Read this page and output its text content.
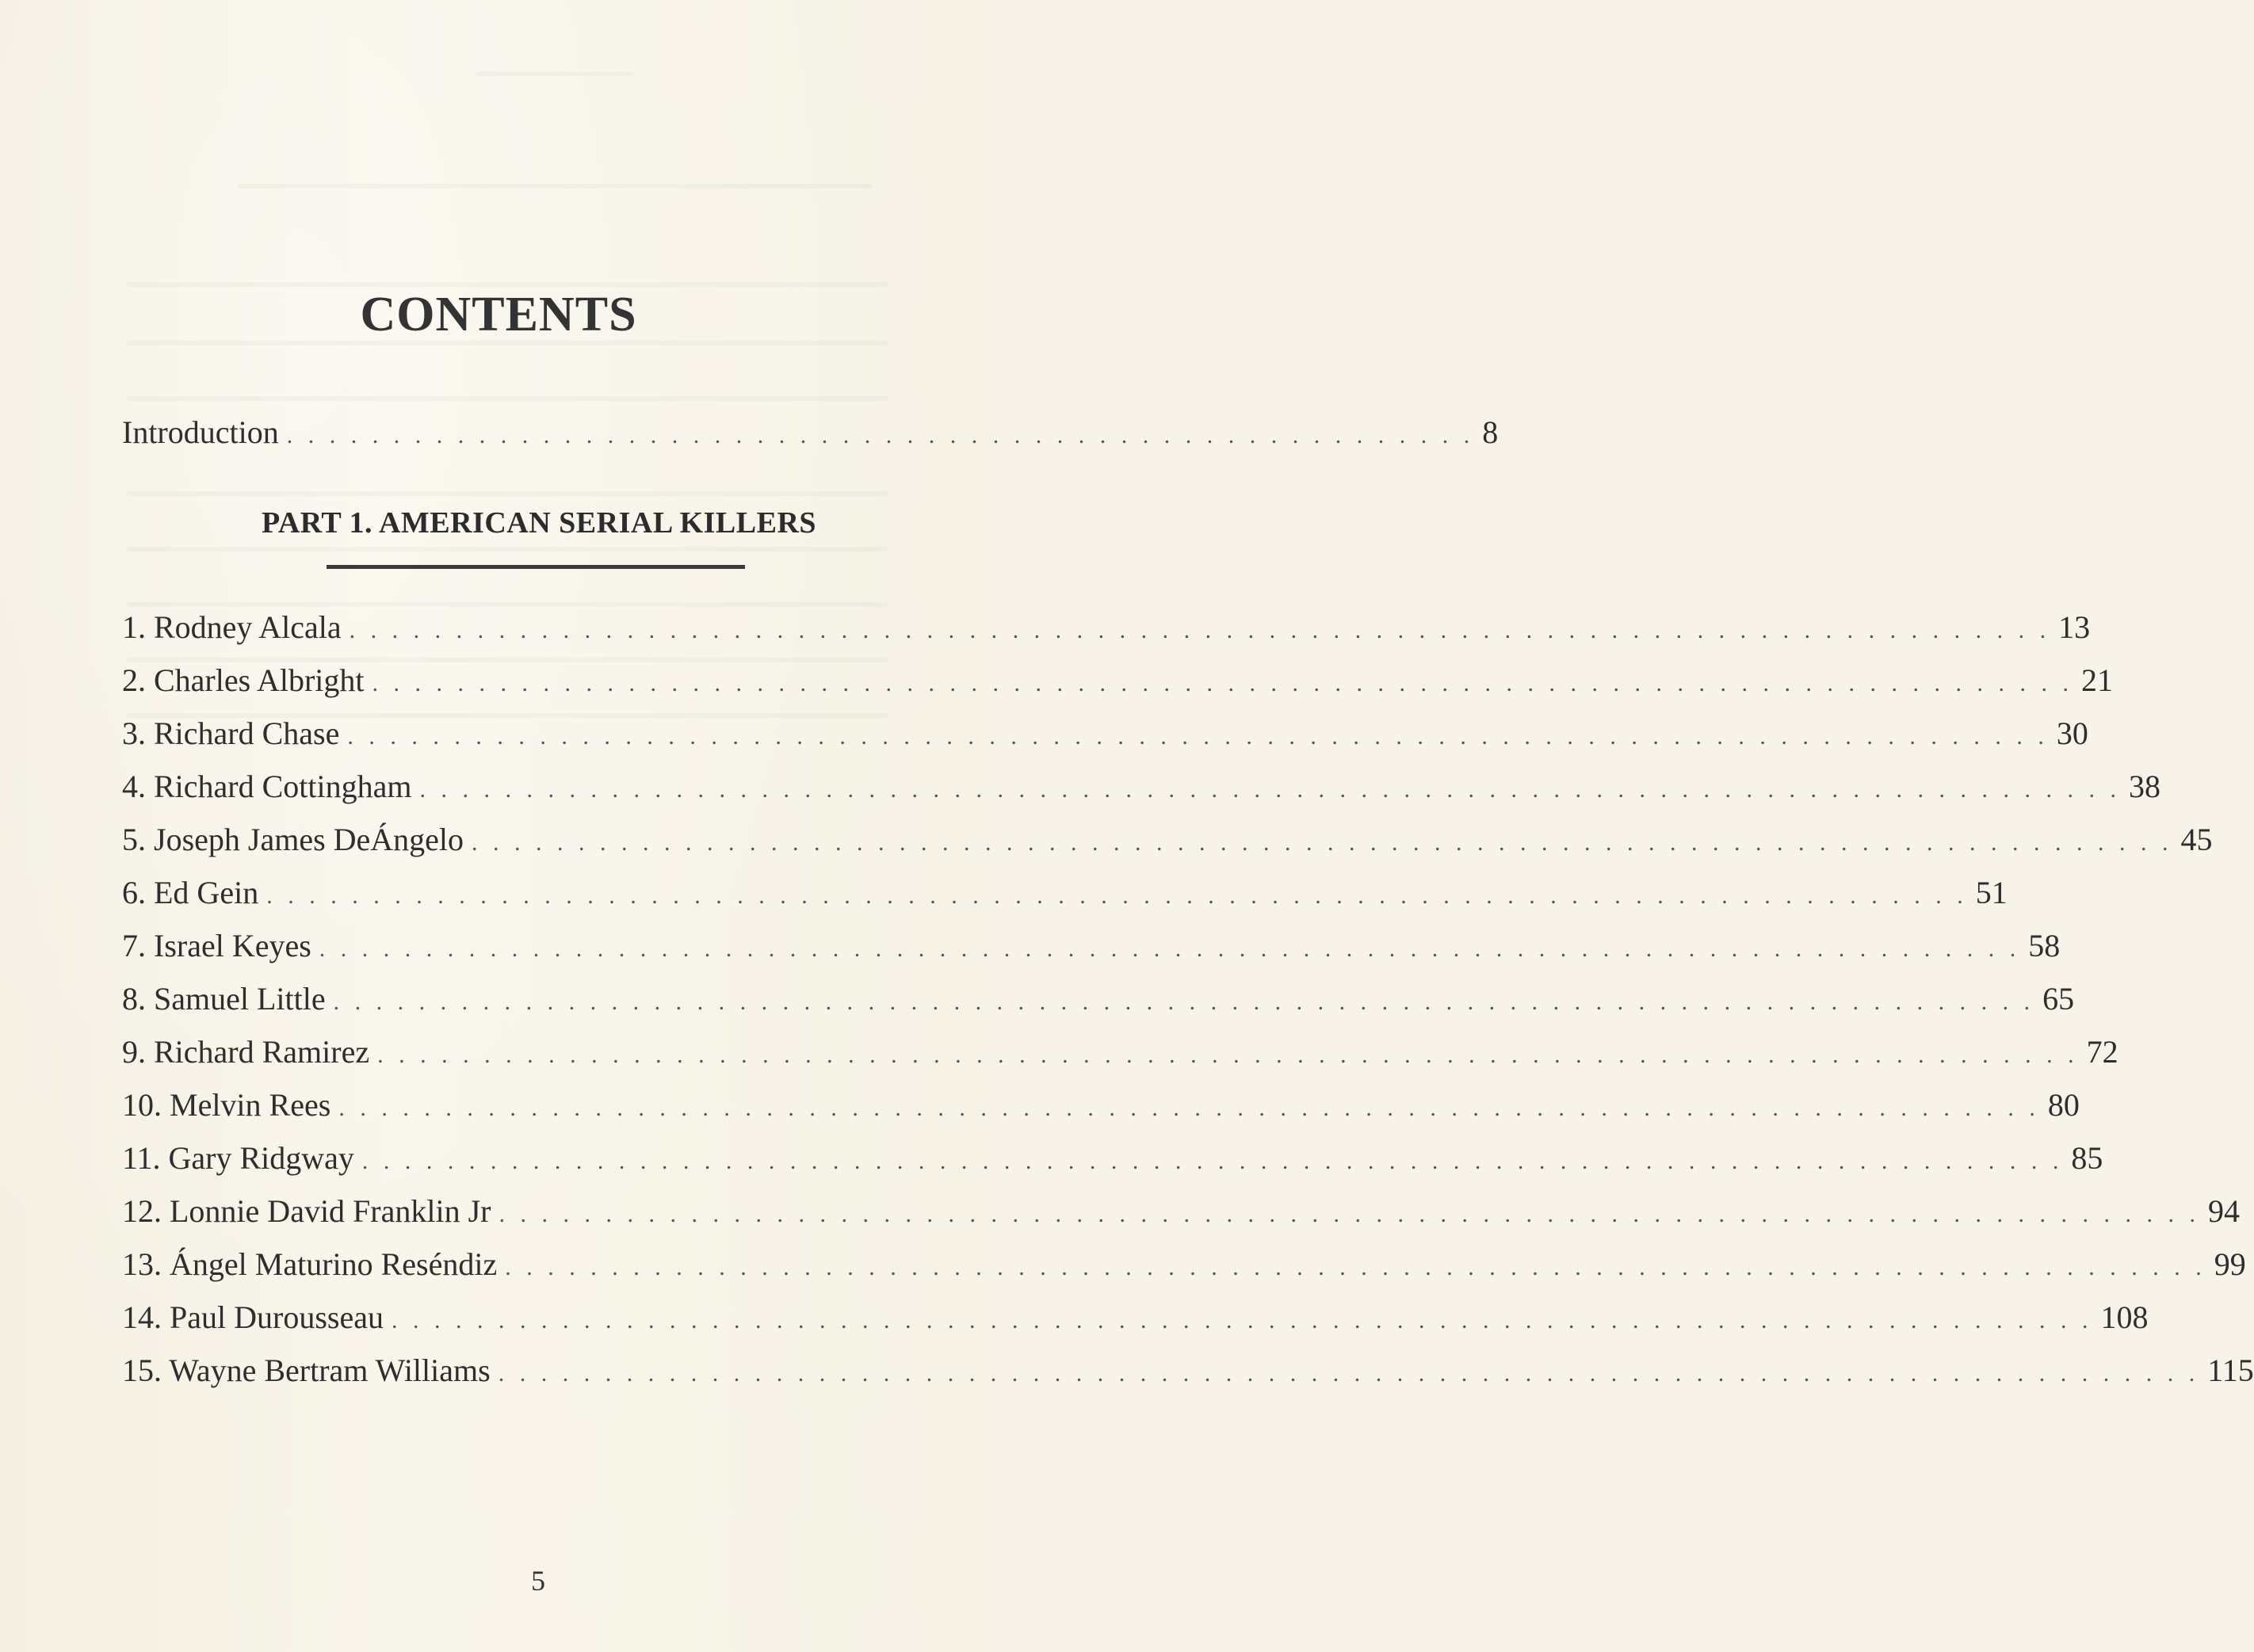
CONTENTS
Introduction . . . . . . . . . . . . . . . . . . . . . . . . . . . . . . . . . . . . . . . . . . . . . . . . . . . . . . . . 8
PART 1. AMERICAN SERIAL KILLERS
1. Rodney Alcala . . . . . . . . . . . . . . . . . . . . . . . . . . . . . . . . . . . . . . . . . . . . . . . . . . . . . . . . . . . . . . . . . . . . . . . . . . . . . . . . 13
2. Charles Albright . . . . . . . . . . . . . . . . . . . . . . . . . . . . . . . . . . . . . . . . . . . . . . . . . . . . . . . . . . . . . . . . . . . . . . . . . . . . . . . . 21
3. Richard Chase . . . . . . . . . . . . . . . . . . . . . . . . . . . . . . . . . . . . . . . . . . . . . . . . . . . . . . . . . . . . . . . . . . . . . . . . . . . . . . . . 30
4. Richard Cottingham . . . . . . . . . . . . . . . . . . . . . . . . . . . . . . . . . . . . . . . . . . . . . . . . . . . . . . . . . . . . . . . . . . . . . . . . . . . . . . . . 38
5. Joseph James DeÁngelo . . . . . . . . . . . . . . . . . . . . . . . . . . . . . . . . . . . . . . . . . . . . . . . . . . . . . . . . . . . . . . . . . . . . . . . . . . . . . . . . 45
6. Ed Gein . . . . . . . . . . . . . . . . . . . . . . . . . . . . . . . . . . . . . . . . . . . . . . . . . . . . . . . . . . . . . . . . . . . . . . . . . . . . . . . . 51
7. Israel Keyes . . . . . . . . . . . . . . . . . . . . . . . . . . . . . . . . . . . . . . . . . . . . . . . . . . . . . . . . . . . . . . . . . . . . . . . . . . . . . . . . 58
8. Samuel Little . . . . . . . . . . . . . . . . . . . . . . . . . . . . . . . . . . . . . . . . . . . . . . . . . . . . . . . . . . . . . . . . . . . . . . . . . . . . . . . . 65
9. Richard Ramirez . . . . . . . . . . . . . . . . . . . . . . . . . . . . . . . . . . . . . . . . . . . . . . . . . . . . . . . . . . . . . . . . . . . . . . . . . . . . . . . . 72
10. Melvin Rees . . . . . . . . . . . . . . . . . . . . . . . . . . . . . . . . . . . . . . . . . . . . . . . . . . . . . . . . . . . . . . . . . . . . . . . . . . . . . . . . 80
11. Gary Ridgway . . . . . . . . . . . . . . . . . . . . . . . . . . . . . . . . . . . . . . . . . . . . . . . . . . . . . . . . . . . . . . . . . . . . . . . . . . . . . . . . 85
12. Lonnie David Franklin Jr . . . . . . . . . . . . . . . . . . . . . . . . . . . . . . . . . . . . . . . . . . . . . . . . . . . . . . . . . . . . . . . . . . . . . . . . . . . . . . . . 94
13. Ángel Maturino Reséndiz . . . . . . . . . . . . . . . . . . . . . . . . . . . . . . . . . . . . . . . . . . . . . . . . . . . . . . . . . . . . . . . . . . . . . . . . . . . . . . . . 99
14. Paul Durousseau . . . . . . . . . . . . . . . . . . . . . . . . . . . . . . . . . . . . . . . . . . . . . . . . . . . . . . . . . . . . . . . . . . . . . . . . . . . . . . . . 108
15. Wayne Bertram Williams . . . . . . . . . . . . . . . . . . . . . . . . . . . . . . . . . . . . . . . . . . . . . . . . . . . . . . . . . . . . . . . . . . . . . . . . . . . . . . . . 115
5
